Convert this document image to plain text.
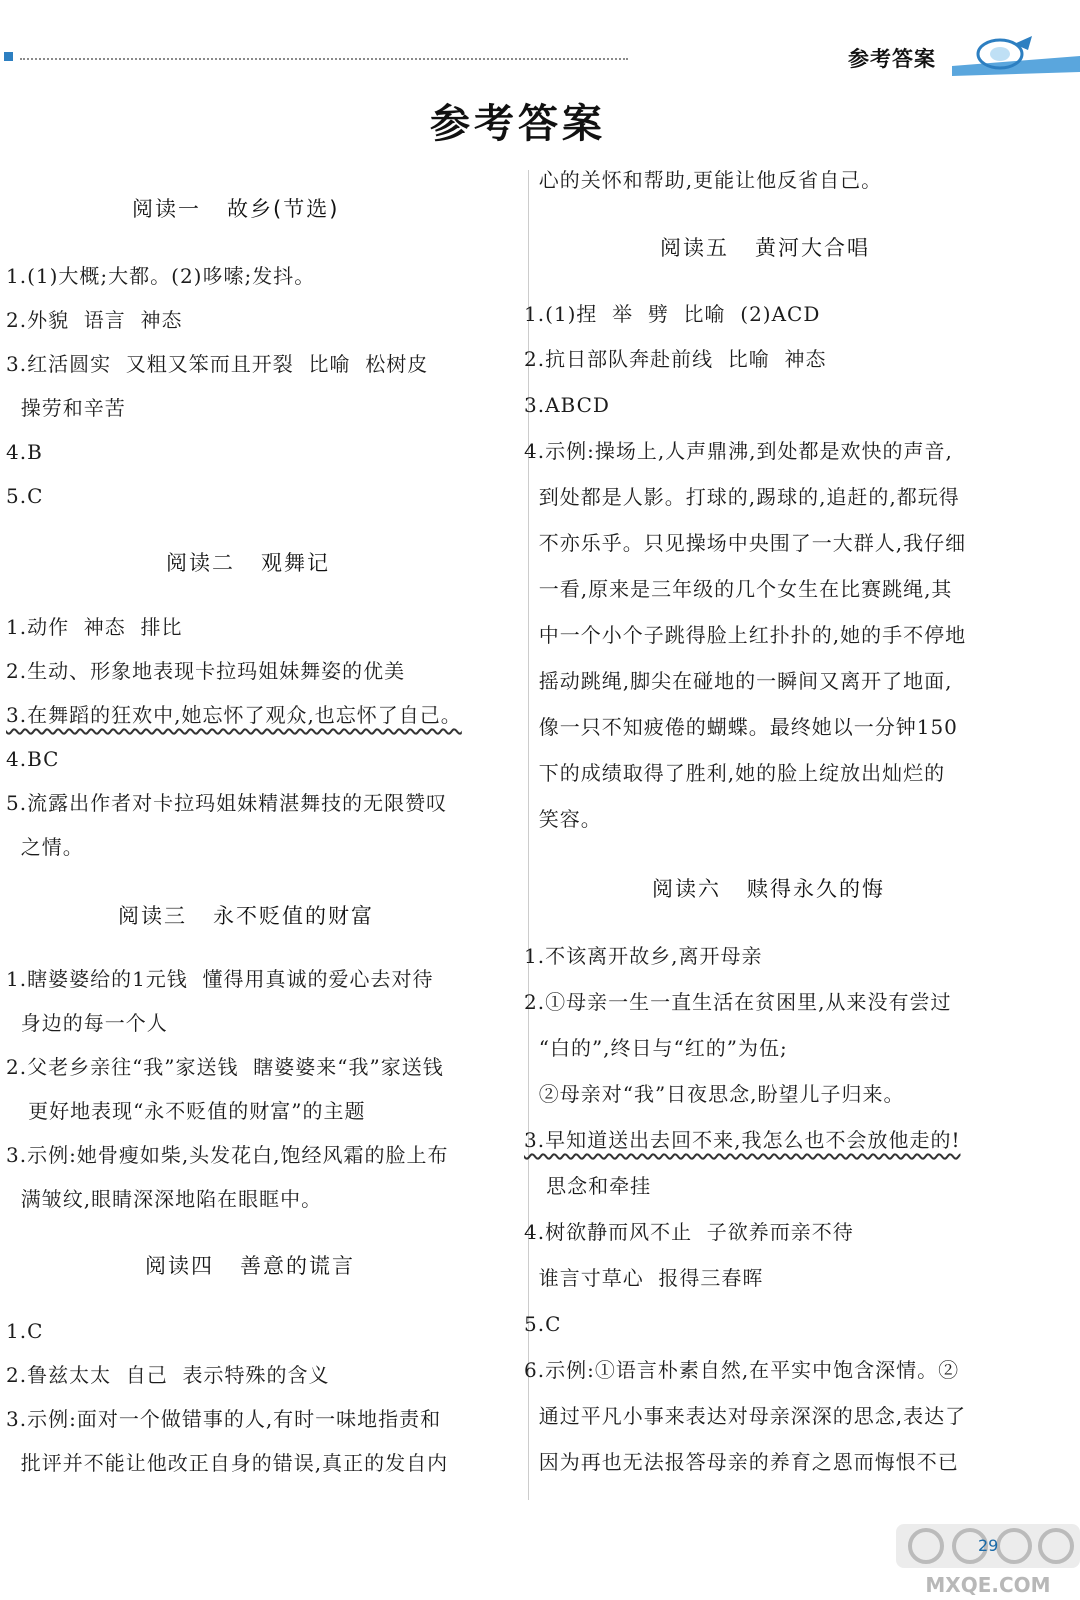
参考答案
参考答案
阅读一   故乡(节选)
1.(1)大概;大都。(2)哆嗦;发抖。
2.外貌  语言  神态
3.红活圆实  又粗又笨而且开裂  比喻  松树皮
操劳和辛苦
4.B
5.C
阅读二   观舞记
1.动作  神态  排比
2.生动、形象地表现卡拉玛姐妹舞姿的优美
3.在舞蹈的狂欢中,她忘怀了观众,也忘怀了自己。
4.BC
5.流露出作者对卡拉玛姐妹精湛舞技的无限赞叹
之情。
阅读三   永不贬值的财富
1.瞎婆婆给的1元钱  懂得用真诚的爱心去对待
身边的每一个人
2.父老乡亲往“我”家送钱  瞎婆婆来“我”家送钱
更好地表现“永不贬值的财富”的主题
3.示例:她骨瘦如柴,头发花白,饱经风霜的脸上布
满皱纹,眼睛深深地陷在眼眶中。
阅读四   善意的谎言
1.C
2.鲁兹太太  自己  表示特殊的含义
3.示例:面对一个做错事的人,有时一味地指责和
批评并不能让他改正自身的错误,真正的发自内
心的关怀和帮助,更能让他反省自己。
阅读五   黄河大合唱
1.(1)捏  举  劈  比喻  (2)ACD
2.抗日部队奔赴前线  比喻  神态
3.ABCD
4.示例:操场上,人声鼎沸,到处都是欢快的声音,
到处都是人影。打球的,踢球的,追赶的,都玩得
不亦乐乎。只见操场中央围了一大群人,我仔细
一看,原来是三年级的几个女生在比赛跳绳,其
中一个小个子跳得脸上红扑扑的,她的手不停地
摇动跳绳,脚尖在碰地的一瞬间又离开了地面,
像一只不知疲倦的蝴蝶。最终她以一分钟150
下的成绩取得了胜利,她的脸上绽放出灿烂的
笑容。
阅读六   赎得永久的悔
1.不该离开故乡,离开母亲
2.①母亲一生一直生活在贫困里,从来没有尝过
“白的”,终日与“红的”为伍;
②母亲对“我”日夜思念,盼望儿子归来。
3.早知道送出去回不来,我怎么也不会放他走的!
思念和牵挂
4.树欲静而风不止  子欲养而亲不待
谁言寸草心  报得三春晖
5.C
6.示例:①语言朴素自然,在平实中饱含深情。②
通过平凡小事来表达对母亲深深的思念,表达了
因为再也无法报答母亲的养育之恩而悔恨不已
MXQE.COM
29
